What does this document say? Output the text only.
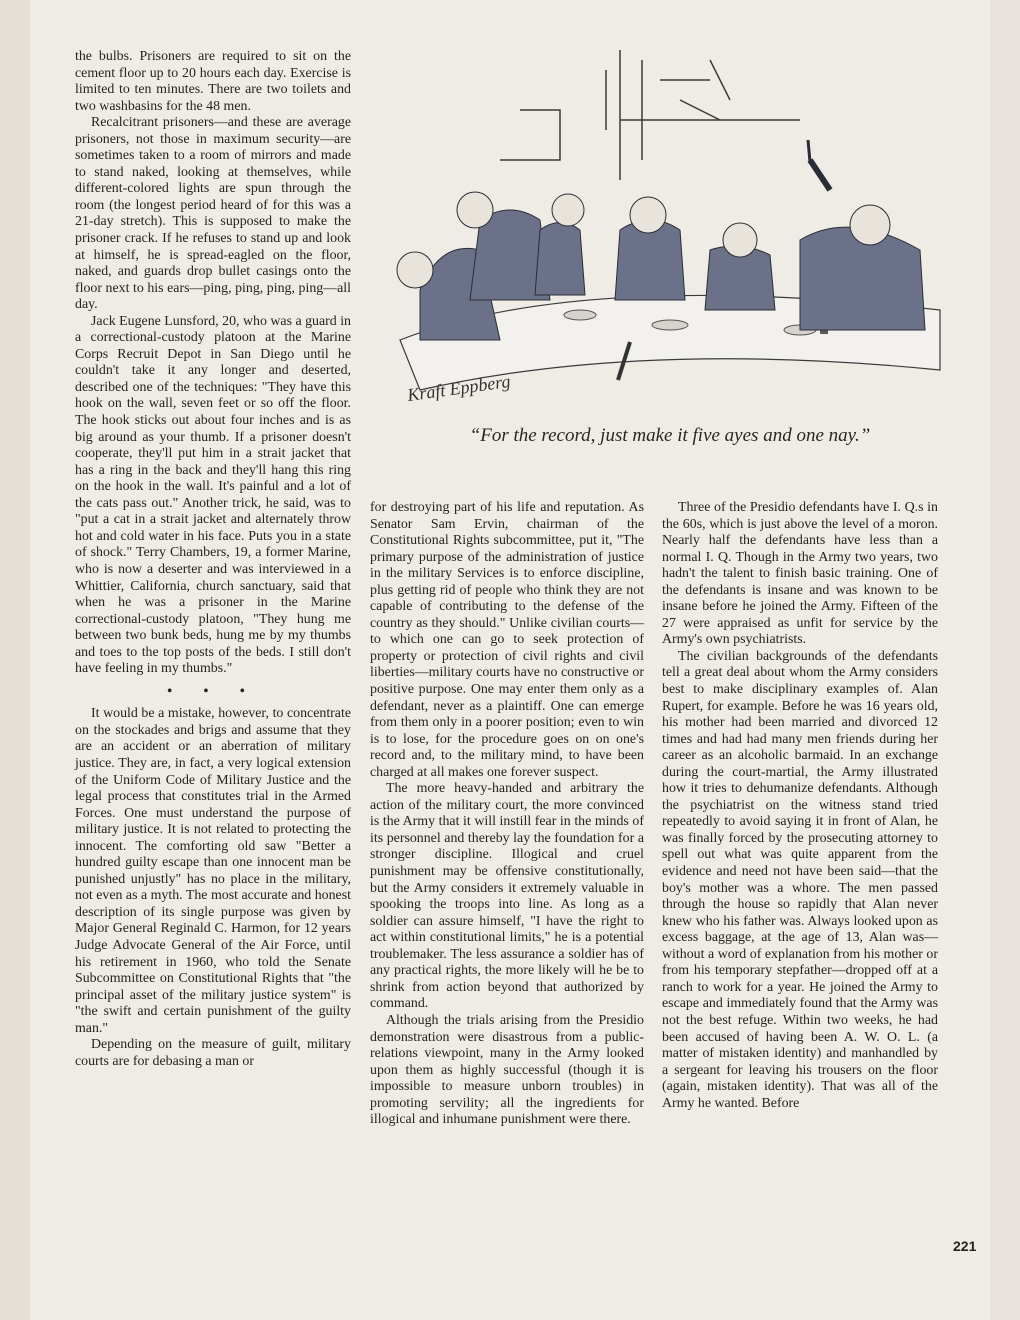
the bulbs. Prisoners are required to sit on the cement floor up to 20 hours each day. Exercise is limited to ten minutes. There are two toilets and two washbasins for the 48 men.

Recalcitrant prisoners—and these are average prisoners, not those in maximum security—are sometimes taken to a room of mirrors and made to stand naked, looking at themselves, while different-colored lights are spun through the room (the longest period heard of for this was a 21-day stretch). This is supposed to make the prisoner crack. If he refuses to stand up and look at himself, he is spread-eagled on the floor, naked, and guards drop bullet casings onto the floor next to his ears—ping, ping, ping, ping—all day.

Jack Eugene Lunsford, 20, who was a guard in a correctional-custody platoon at the Marine Corps Recruit Depot in San Diego until he couldn't take it any longer and deserted, described one of the techniques: "They have this hook on the wall, seven feet or so off the floor. The hook sticks out about four inches and is as big around as your thumb. If a prisoner doesn't cooperate, they'll put him in a strait jacket that has a ring in the back and they'll hang this ring on the hook in the wall. It's painful and a lot of the cats pass out." Another trick, he said, was to "put a cat in a strait jacket and alternately throw hot and cold water in his face. Puts you in a state of shock." Terry Chambers, 19, a former Marine, who is now a deserter and was interviewed in a Whittier, California, church sanctuary, said that when he was a prisoner in the Marine correctional-custody platoon, "They hung me between two bunk beds, hung me by my thumbs and toes to the top posts of the beds. I still don't have feeling in my thumbs."

• • •

It would be a mistake, however, to concentrate on the stockades and brigs and assume that they are an accident or an aberration of military justice. They are, in fact, a very logical extension of the Uniform Code of Military Justice and the legal process that constitutes trial in the Armed Forces. One must understand the purpose of military justice. It is not related to protecting the innocent. The comforting old saw "Better a hundred guilty escape than one innocent man be punished unjustly" has no place in the military, not even as a myth. The most accurate and honest description of its single purpose was given by Major General Reginald C. Harmon, for 12 years Judge Advocate General of the Air Force, until his retirement in 1960, who told the Senate Subcommittee on Constitutional Rights that "the principal asset of the military justice system" is "the swift and certain punishment of the guilty man."

Depending on the measure of guilt, military courts are for debasing a man or

Kraft Eppberg
“For the record, just make it five ayes and one nay.”

for destroying part of his life and reputation. As Senator Sam Ervin, chairman of the Constitutional Rights subcommittee, put it, "The primary purpose of the administration of justice in the military Services is to enforce discipline, plus getting rid of people who think they are not capable of contributing to the defense of the country as they should." Unlike civilian courts—to which one can go to seek protection of property or protection of civil rights and civil liberties—military courts have no constructive or positive purpose. One may enter them only as a defendant, never as a plaintiff. One can emerge from them only in a poorer position; even to win is to lose, for the procedure goes on on one's record and, to the military mind, to have been charged at all makes one forever suspect.

The more heavy-handed and arbitrary the action of the military court, the more convinced is the Army that it will instill fear in the minds of its personnel and thereby lay the foundation for a stronger discipline. Illogical and cruel punishment may be offensive constitutionally, but the Army considers it extremely valuable in spooking the troops into line. As long as a soldier can assure himself, "I have the right to act within constitutional limits," he is a potential troublemaker. The less assurance a soldier has of any practical rights, the more likely will he be to shrink from action beyond that authorized by command.

Although the trials arising from the Presidio demonstration were disastrous from a public-relations viewpoint, many in the Army looked upon them as highly successful (though it is impossible to measure unborn troubles) in promoting servility; all the ingredients for illogical and inhumane punishment were there.

Three of the Presidio defendants have I. Q.s in the 60s, which is just above the level of a moron. Nearly half the defendants have less than a normal I. Q. Though in the Army two years, two hadn't the talent to finish basic training. One of the defendants is insane and was known to be insane before he joined the Army. Fifteen of the 27 were appraised as unfit for service by the Army's own psychiatrists.

The civilian backgrounds of the defendants tell a great deal about whom the Army considers best to make disciplinary examples of. Alan Rupert, for example. Before he was 16 years old, his mother had been married and divorced 12 times and had had many men friends during her career as an alcoholic barmaid. In an exchange during the court-martial, the Army illustrated how it tries to dehumanize defendants. Although the psychiatrist on the witness stand tried repeatedly to avoid saying it in front of Alan, he was finally forced by the prosecuting attorney to spell out what was quite apparent from the evidence and need not have been said—that the boy's mother was a whore. The men passed through the house so rapidly that Alan never knew who his father was. Always looked upon as excess baggage, at the age of 13, Alan was—without a word of explanation from his mother or from his temporary stepfather—dropped off at a ranch to work for a year. He joined the Army to escape and immediately found that the Army was not the best refuge. Within two weeks, he had been accused of having been A. W. O. L. (a matter of mistaken identity) and manhandled by a sergeant for leaving his trousers on the floor (again, mistaken identity). That was all of the Army he wanted. Before

221
